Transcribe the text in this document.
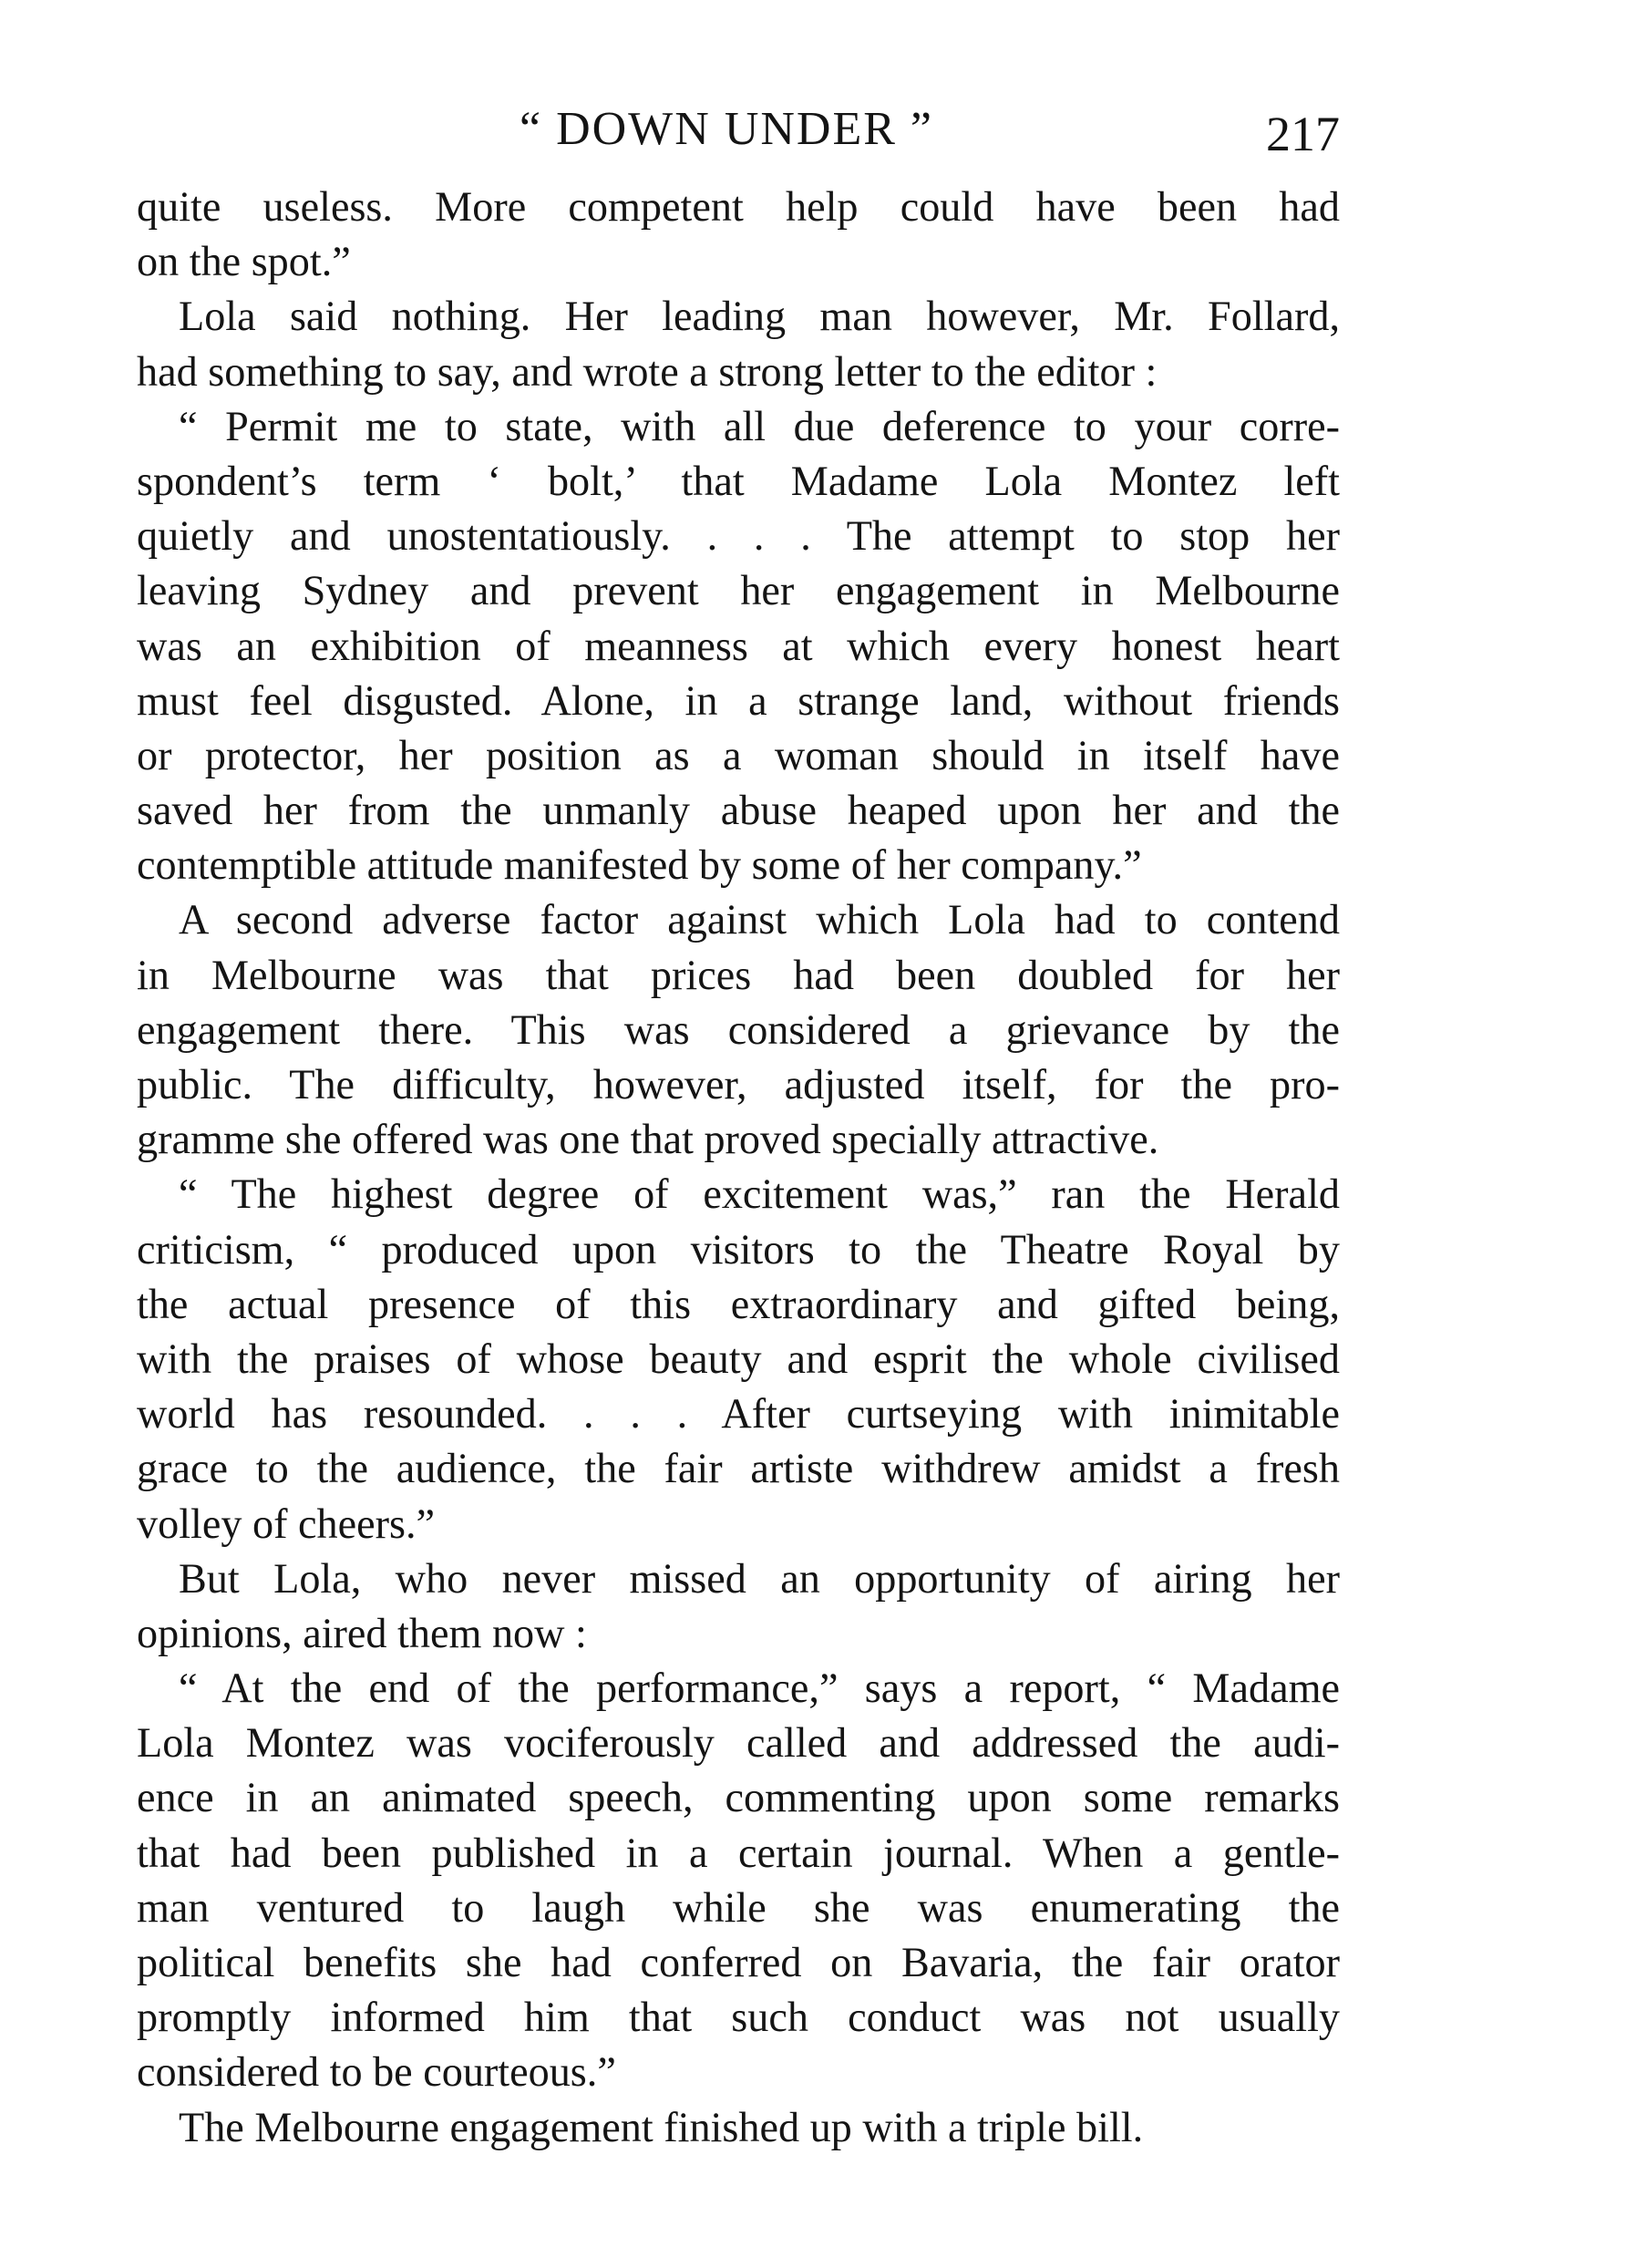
“ DOWN UNDER ”	217
quite useless. More competent help could have been had
on the spot.”
Lola said nothing. Her leading man however, Mr. Follard,
had something to say, and wrote a strong letter to the editor :
“ Permit me to state, with all due deference to your corre-
spondent’s term ‘ bolt,’ that Madame Lola Montez left
quietly and unostentatiously. . . . The attempt to stop her
leaving Sydney and prevent her engagement in Melbourne
was an exhibition of meanness at which every honest heart
must feel disgusted. Alone, in a strange land, without friends
or protector, her position as a woman should in itself have
saved her from the unmanly abuse heaped upon her and the
contemptible attitude manifested by some of her company.”
A second adverse factor against which Lola had to contend
in Melbourne was that prices had been doubled for her
engagement there. This was considered a grievance by the
public. The difficulty, however, adjusted itself, for the pro-
gramme she offered was one that proved specially attractive.
“ The highest degree of excitement was,” ran the Herald
criticism, “ produced upon visitors to the Theatre Royal by
the actual presence of this extraordinary and gifted being,
with the praises of whose beauty and esprit the whole civilised
world has resounded. . . . After curtseying with inimitable
grace to the audience, the fair artiste withdrew amidst a fresh
volley of cheers.”
But Lola, who never missed an opportunity of airing her
opinions, aired them now :
“ At the end of the performance,” says a report, “ Madame
Lola Montez was vociferously called and addressed the audi-
ence in an animated speech, commenting upon some remarks
that had been published in a certain journal. When a gentle-
man ventured to laugh while she was enumerating the
political benefits she had conferred on Bavaria, the fair orator
promptly informed him that such conduct was not usually
considered to be courteous.”
The Melbourne engagement finished up with a triple bill.
